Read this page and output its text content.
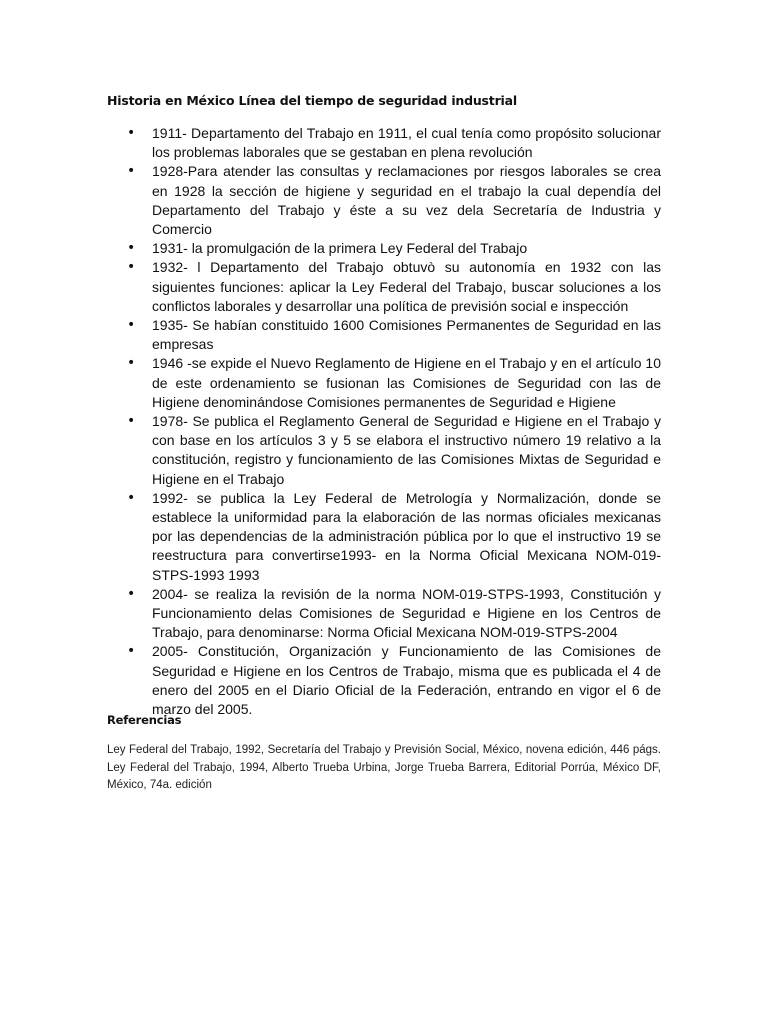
Historia en México Línea del tiempo de seguridad industrial
•	1911- Departamento del Trabajo en 1911, el cual tenía como propósito solucionar los problemas laborales que se gestaban en plena revolución
•	1928-Para atender las consultas y reclamaciones por riesgos laborales se crea en 1928 la sección de higiene y seguridad en el trabajo la cual dependía del Departamento del Trabajo y éste a su vez dela Secretaría de Industria y Comercio
•	1931- la promulgación de la primera Ley Federal del Trabajo
•	1932- l Departamento del Trabajo obtuvò su autonomía en 1932 con las siguientes funciones: aplicar la Ley Federal del Trabajo, buscar soluciones a los conflictos laborales y desarrollar una política de previsión social e inspección
•	1935- Se habían constituido 1600 Comisiones Permanentes de Seguridad en las empresas
•	1946 -se expide el Nuevo Reglamento de Higiene en el Trabajo y en el artículo 10 de este ordenamiento se fusionan las Comisiones de Seguridad con las de Higiene denominándose Comisiones permanentes de Seguridad e Higiene
•	1978- Se publica el Reglamento General de Seguridad e Higiene en el Trabajo y con base en los artículos 3 y 5 se elabora el instructivo número 19 relativo a la constitución, registro y funcionamiento de las Comisiones Mixtas de Seguridad e Higiene en el Trabajo
•	1992- se publica la Ley Federal de Metrología y Normalización, donde se establece la uniformidad para la elaboración de las normas oficiales mexicanas por las dependencias de la administración pública por lo que el instructivo 19 se reestructura para convertirse1993- en la Norma Oficial Mexicana NOM-019-STPS-1993 1993
•	2004- se realiza la revisión de la norma NOM-019-STPS-1993, Constitución y Funcionamiento delas Comisiones de Seguridad e Higiene en los Centros de Trabajo, para denominarse: Norma Oficial Mexicana NOM-019-STPS-2004
•	2005- Constitución, Organización y Funcionamiento de las Comisiones de Seguridad e Higiene en los Centros de Trabajo, misma que es publicada el 4 de enero del 2005 en el Diario Oficial de la Federación, entrando en vigor el 6 de marzo del 2005.
Referencias

Ley Federal del Trabajo, 1992, Secretaría del Trabajo y Previsión Social, México, novena edición, 446 págs. Ley Federal del Trabajo, 1994, Alberto Trueba Urbina, Jorge Trueba Barrera, Editorial Porrúa, México DF, México, 74a. edición
